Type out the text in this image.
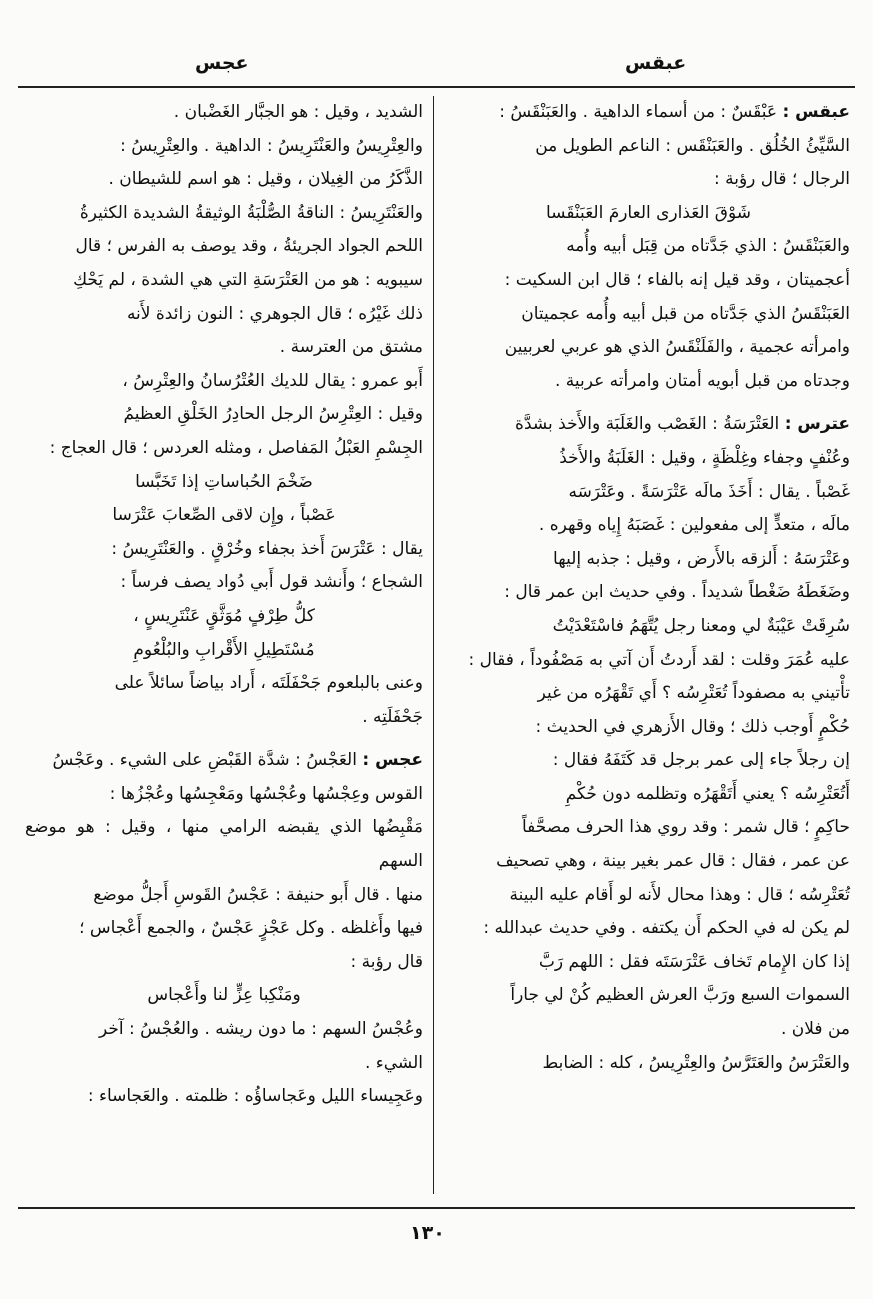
عبقس
عجس

عبقس : عَبْقَسٌ : من أسماء الداهية . والعَبَنْقَسُ :

السَّيِّئُ الخُلُق . والعَبَنْقَس : الناعم الطويل من

الرجال ؛ قال رؤبة :

شَوْقَ العَذارى العارمَ العَبَنْقَسا

والعَبَنْقَسُ : الذي جَدَّتاه من قِبَل أبيه وأُمه

أعجميتان ، وقد قيل إنه بالفاء ؛ قال ابن السكيت :

العَبَنْقَسُ الذي جَدَّتاه من قبل أبيه وأُمه عجميتان

وامرأته عجمية ، والفَلَنْقَسُ الذي هو عربي لعربيين

وجدتاه من قبل أبويه أمتان وامرأته عربية .

عترس : العَتْرَسَةُ : الغَصْب والغَلَبَة والأَخذ بشدَّة

وعُنْفٍ وجفاء وغِلْظَةٍ ، وقيل : الغَلَبَةُ والأَخذُ

غَصْباً . يقال : أَخَذَ مالَه عَتْرَسَةً . وعَتْرَسَه

مالَه ، متعدٍّ إلى مفعولين : غَصَبَهُ إِياه وقهره .

وعَتْرَسَهُ : أَلزقه بالأَرض ، وقيل : جذبه إليها

وضَغَطَهُ ضَغْطاً شديداً . وفي حديث ابن عمر قال :

سُرِقَتْ عَيْبَةٌ لي ومعنا رجل يُتَّهَمُ فاسْتَعْدَيْتُ

عليه عُمَرَ وقلت : لقد أَردتُ أَن آتي به مَصْفُوداً ، فقال :

تأْتيني به مصفوداً تُعَتْرِسُه ؟ أَي تَقْهَرُه من غير

حُكْمٍ أَوجب ذلك ؛ وقال الأَزهري في الحديث :

إن رجلاً جاء إلى عمر برجل قد كَتَفَهُ فقال :

أَتُعَتْرِسُه ؟ يعني أَتَقْهَرُه وتظلمه دون حُكْمِ

حاكِمٍ ؛ قال شمر : وقد روي هذا الحرف مصحَّفاً

عن عمر ، فقال : قال عمر بغير بينة ، وهي تصحيف

تُعَتْرِسُه ؛ قال : وهذا محال لأَنه لو أَقام عليه البينة

لم يكن له في الحكم أَن يكتفه . وفي حديث عبدالله :

إذا كان الإِمام تَخاف عَتْرَسَتَه فقل : اللهم رَبَّ

السموات السبع ورَبَّ العرش العظيم كُنْ لي جاراً

من فلان .

والعَتْرَسُ والعَتَرَّسُ والعِتْرِيسُ ، كله : الضابط

الشديد ، وقيل : هو الجبَّار الغَضْبان .

والعِتْرِيسُ والعَنْتَرِيسُ : الداهية . والعِتْرِيسُ :

الذَّكَرُ من الغِيلان ، وقيل : هو اسم للشيطان .

والعَنْتَرِيسُ : الناقةُ الصُّلْبَةُ الوثيقةُ الشديدة الكثيرةُ

اللحم الجواد الجريئةُ ، وقد يوصف به الفرس ؛ قال

سيبويه : هو من العَتْرَسَةِ التي هي الشدة ، لم يَحْكِ

ذلك غَيْرُه ؛ قال الجوهري : النون زائدة لأَنه

مشتق من العترسة .

أَبو عمرو : يقال للديك العُتْرُسانُ والعِتْرِسُ ،

وقيل : العِتْرِسُ الرجل الحادِرُ الخَلْقِ العظيمُ

الجِسْمِ العَبْلُ المَفاصل ، ومثله العردس ؛ قال العجاج :

ضَخْمَ الحُباساتِ إذا تَخَبَّسا

عَصْباً ، وإِن لاقى الصِّعابَ عَتْرَسا

يقال : عَتْرَسَ أَخذ بجفاء وخُرْقٍ . والعَنْتَرِيسُ :

الشجاع ؛ وأَنشد قول أَبي دُواد يصف فرساً :

كلُّ طِرْفٍ مُوَثَّقٍ عَنْتَرِيسٍ ،

مُسْتَطِيلِ الأَقْرابِ والبُلْعُومِ

وعنى بالبلعوم جَحْفَلَتَه ، أَراد بياضاً سائلاً على

جَحْفَلَتِه .

عجس : العَجْسُ : شدَّة القَبْضِ على الشيء . وعَجْسُ

القوس وعِجْسُها وعُجْسُها ومَعْجِسُها وعُجْزُها :

مَقْبِضُها الذي يقبضه الرامي منها ، وقيل : هو موضع السهم

منها . قال أَبو حنيفة : عَجْسُ القَوسِ أَجلُّ موضع

فيها وأَغلظه . وكل عَجْزٍ عَجْسٌ ، والجمع أَعْجاس ؛

قال رؤبة :

ومَنْكِبا عِزٍّ لنا وأَعْجاس

وعُجْسُ السهم : ما دون ريشه . والعُجْسُ : آخر

الشيء .

وعَجِيساء الليل وعَجاساؤُه : ظلمته . والعَجاساء :

١٣٠
